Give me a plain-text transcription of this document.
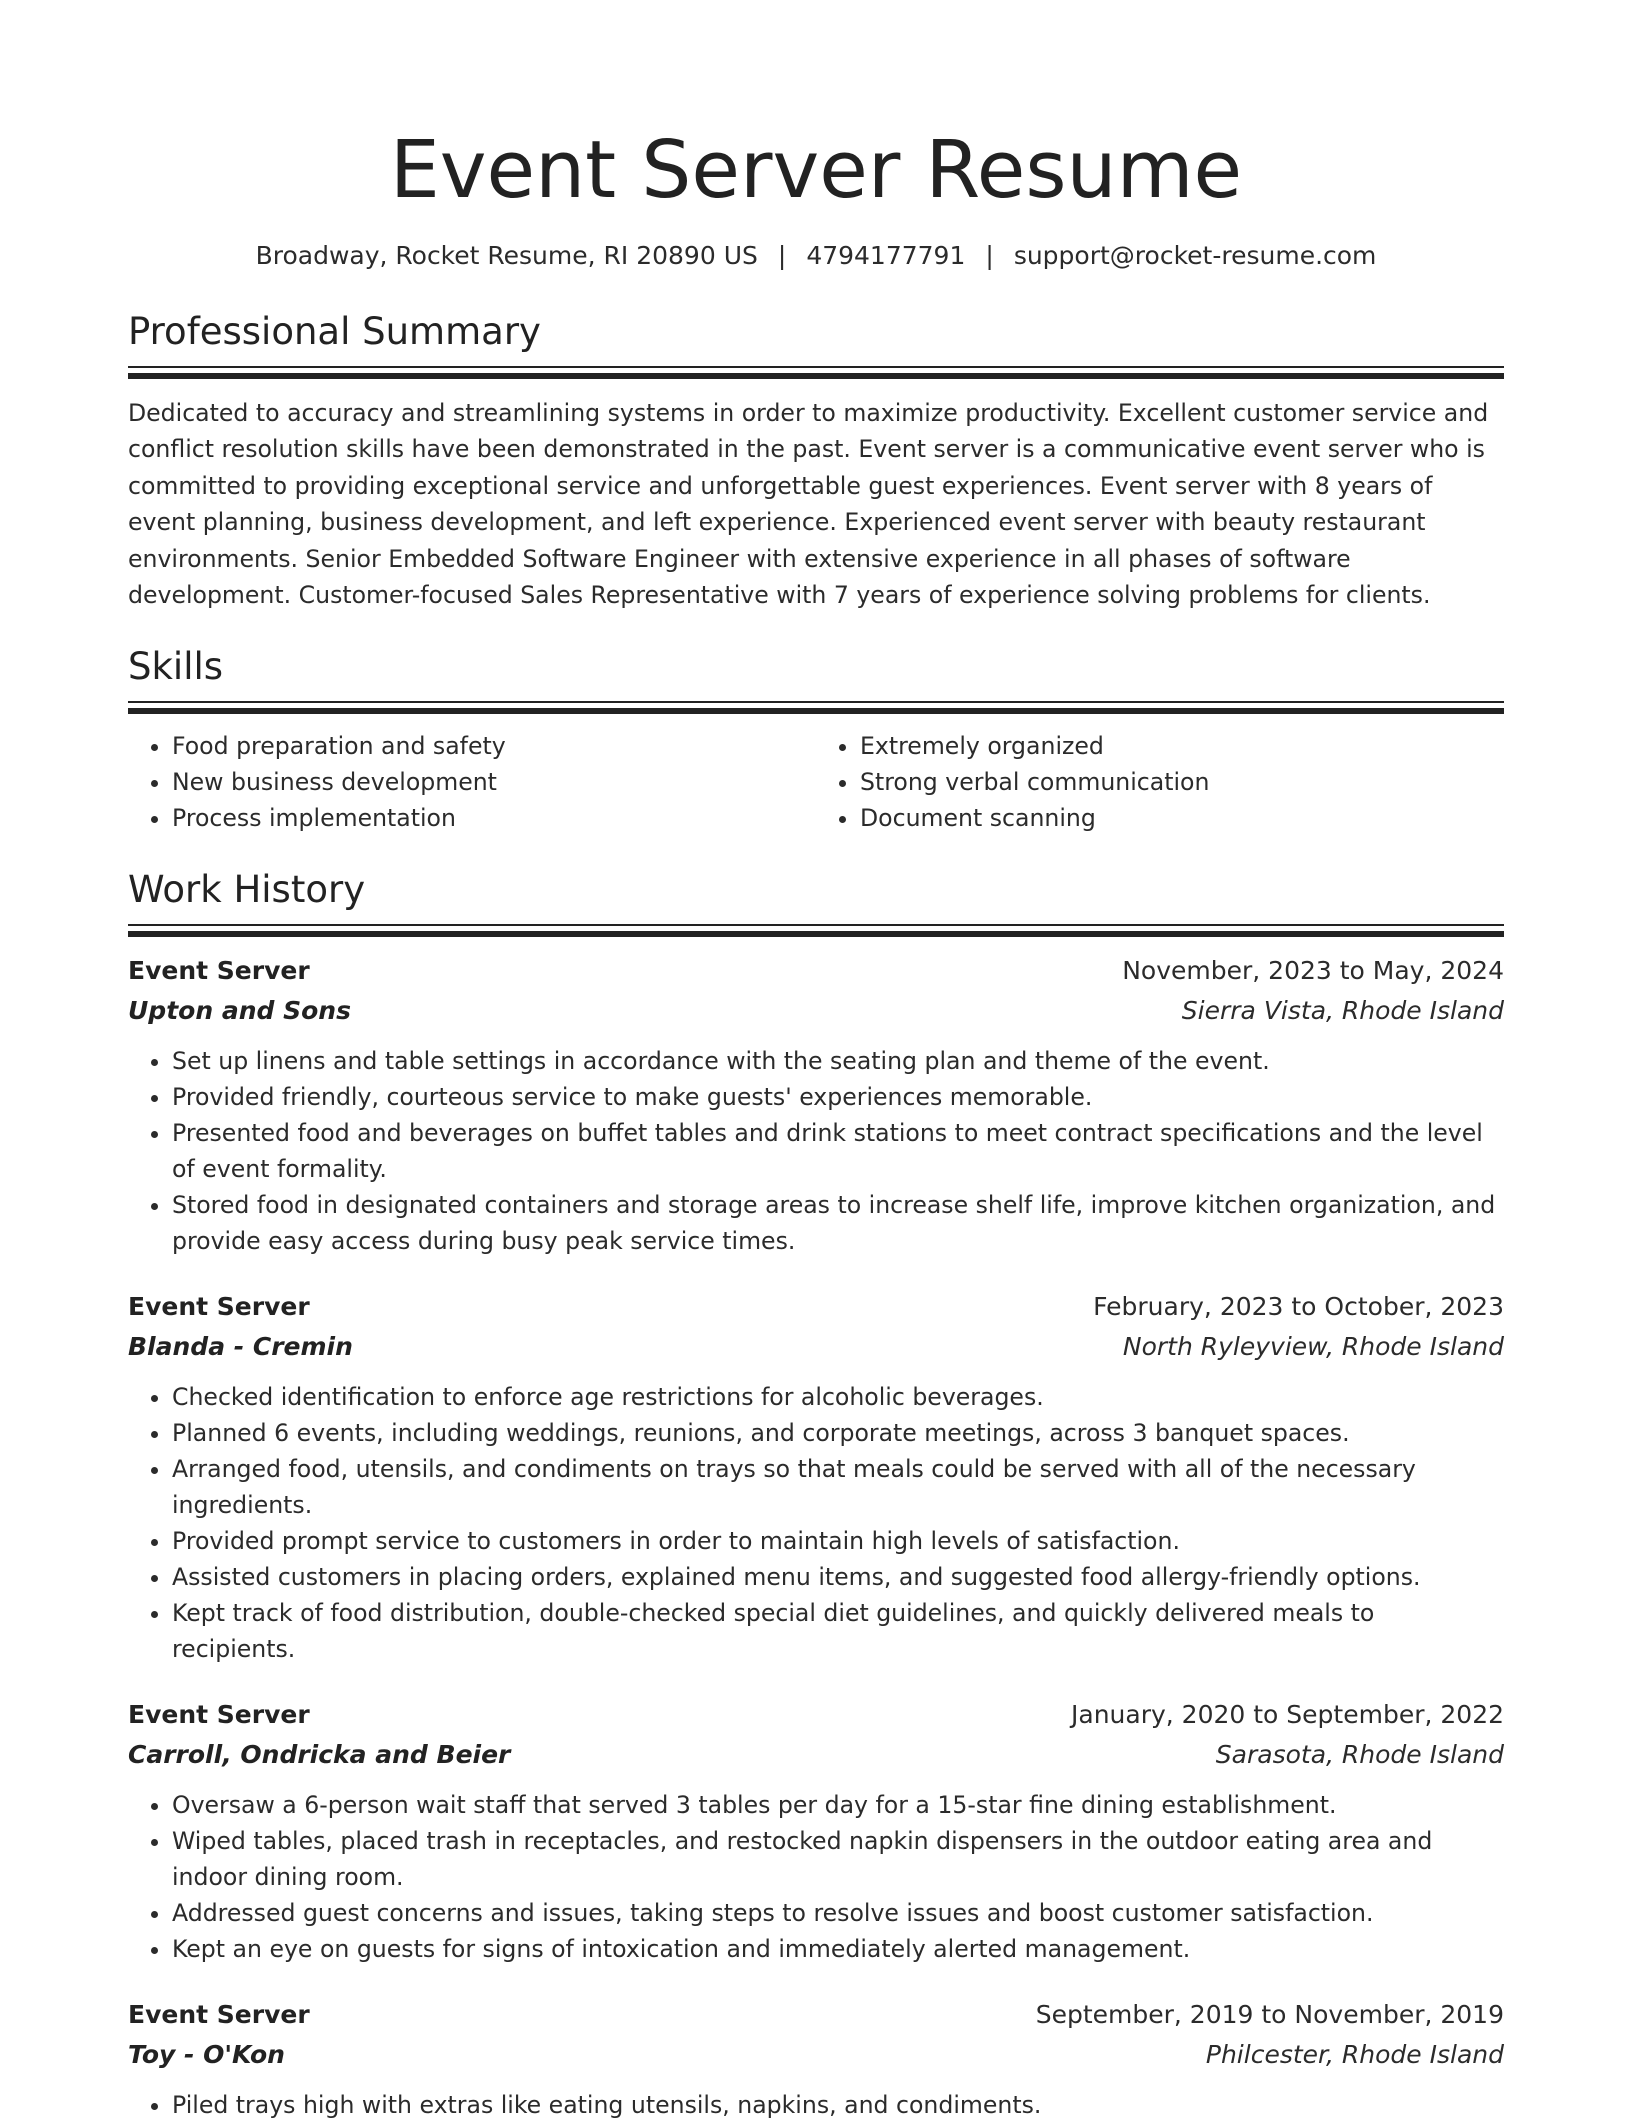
Event Server Resume
Broadway, Rocket Resume, RI 20890 US | 4794177791 | support@rocket-resume.com
Professional Summary

Dedicated to accuracy and streamlining systems in order to maximize productivity. Excellent customer service and conflict resolution skills have been demonstrated in the past. Event server is a communicative event server who is committed to providing exceptional service and unforgettable guest experiences. Event server with 8 years of event planning, business development, and left experience. Experienced event server with beauty restaurant environments. Senior Embedded Software Engineer with extensive experience in all phases of software development. Customer-focused Sales Representative with 7 years of experience solving problems for clients.

Skills
• Food preparation and safety
• New business development
• Process implementation
• Extremely organized
• Strong verbal communication
• Document scanning
Work History
Event Server	November, 2023 to May, 2024
Upton and Sons	Sierra Vista, Rhode Island
• Set up linens and table settings in accordance with the seating plan and theme of the event.
• Provided friendly, courteous service to make guests' experiences memorable.
• Presented food and beverages on buffet tables and drink stations to meet contract specifications and the level of event formality.
• Stored food in designated containers and storage areas to increase shelf life, improve kitchen organization, and provide easy access during busy peak service times.
Event Server	February, 2023 to October, 2023
Blanda - Cremin	North Ryleyview, Rhode Island
• Checked identification to enforce age restrictions for alcoholic beverages.
• Planned 6 events, including weddings, reunions, and corporate meetings, across 3 banquet spaces.
• Arranged food, utensils, and condiments on trays so that meals could be served with all of the necessary ingredients.
• Provided prompt service to customers in order to maintain high levels of satisfaction.
• Assisted customers in placing orders, explained menu items, and suggested food allergy-friendly options.
• Kept track of food distribution, double-checked special diet guidelines, and quickly delivered meals to recipients.
Event Server	January, 2020 to September, 2022
Carroll, Ondricka and Beier	Sarasota, Rhode Island
• Oversaw a 6-person wait staff that served 3 tables per day for a 15-star fine dining establishment.
• Wiped tables, placed trash in receptacles, and restocked napkin dispensers in the outdoor eating area and indoor dining room.
• Addressed guest concerns and issues, taking steps to resolve issues and boost customer satisfaction.
• Kept an eye on guests for signs of intoxication and immediately alerted management.
Event Server	September, 2019 to November, 2019
Toy - O'Kon	Philcester, Rhode Island
• Piled trays high with extras like eating utensils, napkins, and condiments.
